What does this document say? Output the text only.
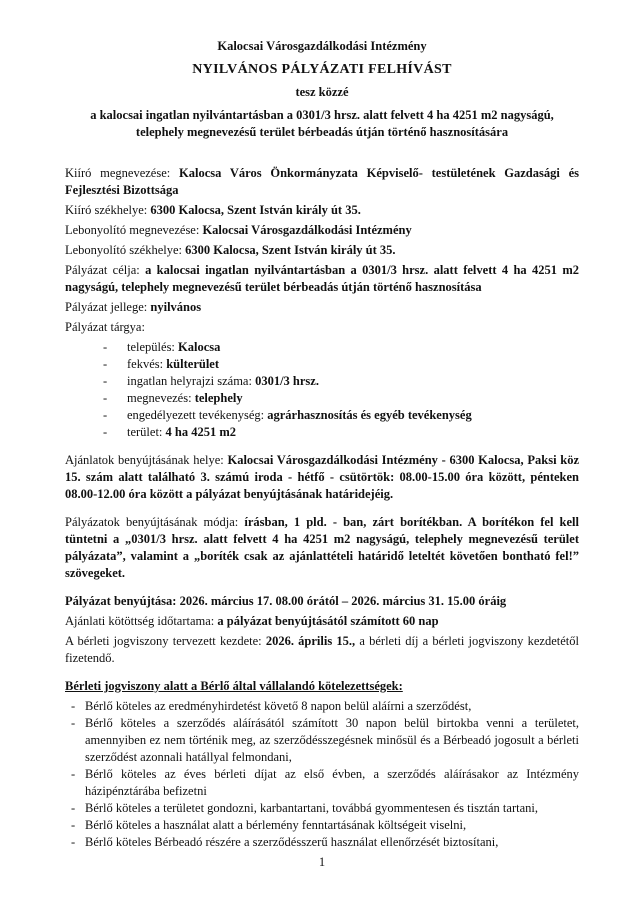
Kalocsai Városgazdálkodási Intézmény
NYILVÁNOS PÁLYÁZATI FELHÍVÁST
tesz közzé
a kalocsai ingatlan nyilvántartásban a 0301/3 hrsz. alatt felvett 4 ha 4251 m2 nagyságú, telephely megnevezésű terület bérbeadás útján történő hasznosítására
Kiíró megnevezése: Kalocsa Város Önkormányzata Képviselő- testületének Gazdasági és Fejlesztési Bizottsága
Kiíró székhelye: 6300 Kalocsa, Szent István király út 35.
Lebonyolító megnevezése: Kalocsai Városgazdálkodási Intézmény
Lebonyolító székhelye: 6300 Kalocsa, Szent István király út 35.
Pályázat célja: a kalocsai ingatlan nyilvántartásban a 0301/3 hrsz. alatt felvett 4 ha 4251 m2 nagyságú, telephely megnevezésű terület bérbeadás útján történő hasznosítása
Pályázat jellege: nyilvános
Pályázat tárgya:
-	település: Kalocsa
-	fekvés: külterület
-	ingatlan helyrajzi száma: 0301/3 hrsz.
-	megnevezés: telephely
-	engedélyezett tevékenység: agrárhasznosítás és egyéb tevékenység
-	terület: 4 ha 4251 m2
Ajánlatok benyújtásának helye: Kalocsai Városgazdálkodási Intézmény - 6300 Kalocsa, Paksi köz 15. szám alatt található 3. számú iroda - hétfő - csütörtök: 08.00-15.00 óra között, pénteken 08.00-12.00 óra között a pályázat benyújtásának határidejéig.
Pályázatok benyújtásának módja: írásban, 1 pld. - ban, zárt borítékban. A borítékon fel kell tüntetni a „0301/3 hrsz. alatt felvett 4 ha 4251 m2 nagyságú, telephely megnevezésű terület pályázata”, valamint a „boríték csak az ajánlattételi határidő leteltét követően bontható fel!” szövegeket.
Pályázat benyújtása: 2026. március 17. 08.00 órától – 2026. március 31. 15.00 óráig
Ajánlati kötöttség időtartama: a pályázat benyújtásától számított 60 nap
A bérleti jogviszony tervezett kezdete: 2026. április 15., a bérleti díj a bérleti jogviszony kezdetétől fizetendő.
Bérleti jogviszony alatt a Bérlő által vállalandó kötelezettségek:
- Bérlő köteles az eredményhirdetést követő 8 napon belül aláírni a szerződést,
- Bérlő köteles a szerződés aláírásától számított 30 napon belül birtokba venni a területet, amennyiben ez nem történik meg, az szerződésszegésnek minősül és a Bérbeadó jogosult a bérleti szerződést azonnali hatállyal felmondani,
- Bérlő köteles az éves bérleti díjat az első évben, a szerződés aláírásakor az Intézmény házipénztárába befizetni
- Bérlő köteles a területet gondozni, karbantartani, továbbá gyommentesen és tisztán tartani,
- Bérlő köteles a használat alatt a bérlemény fenntartásának költségeit viselni,
- Bérlő köteles Bérbeadó részére a szerződésszerű használat ellenőrzését biztosítani,
1
